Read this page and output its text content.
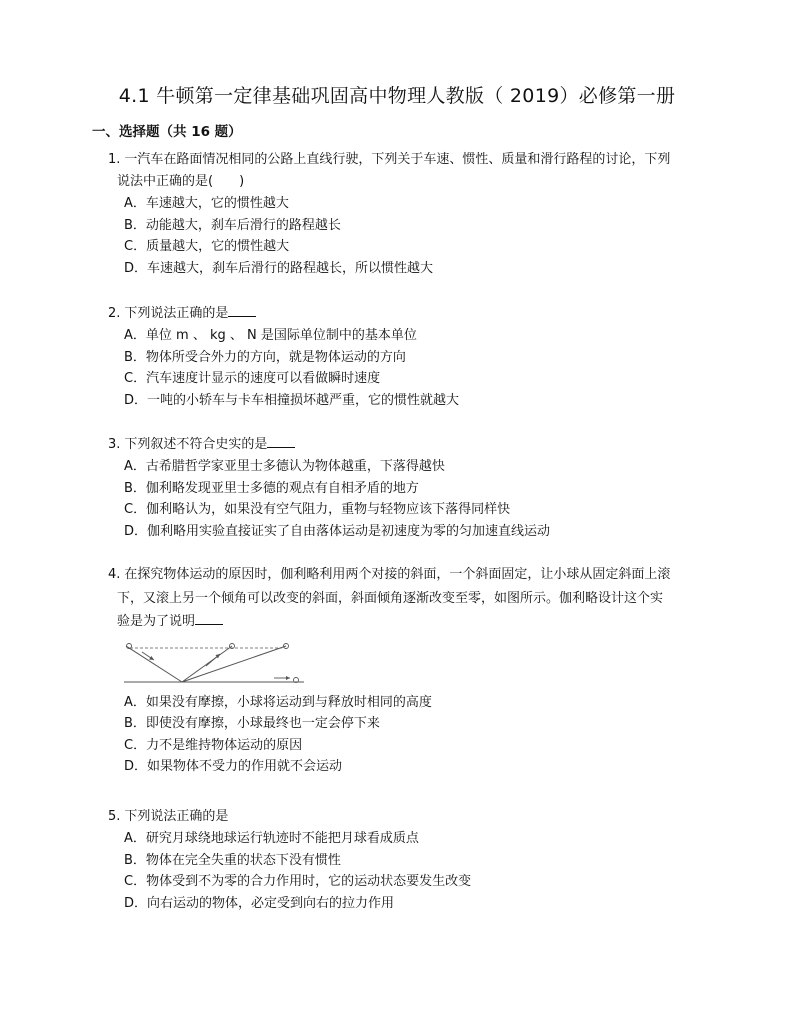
4.1 牛顿第一定律基础巩固高中物理人教版（ 2019）必修第一册
一、选择题（共 16 题）

1. 一汽车在路面情况相同的公路上直线行驶，下列关于车速、惯性、质量和滑行路程的讨论，下列
说法中正确的是(　　)

A．车速越大，它的惯性越大
B．动能越大，刹车后滑行的路程越长
C．质量越大，它的惯性越大
D．车速越大，刹车后滑行的路程越长，所以惯性越大

2. 下列说法正确的是

A．单位 m 、 kg 、 N 是国际单位制中的基本单位
B．物体所受合外力的方向，就是物体运动的方向
C．汽车速度计显示的速度可以看做瞬时速度
D．一吨的小轿车与卡车相撞损坏越严重，它的惯性就越大

3. 下列叙述不符合史实的是

A．古希腊哲学家亚里士多德认为物体越重，下落得越快
B．伽利略发现亚里士多德的观点有自相矛盾的地方
C．伽利略认为，如果没有空气阻力，重物与轻物应该下落得同样快
D．伽利略用实验直接证实了自由落体运动是初速度为零的匀加速直线运动

4. 在探究物体运动的原因时，伽利略利用两个对接的斜面，一个斜面固定，让小球从固定斜面上滚
下，又滚上另一个倾角可以改变的斜面，斜面倾角逐渐改变至零，如图所示。伽利略设计这个实
验是为了说明

A．如果没有摩擦，小球将运动到与释放时相同的高度
B．即使没有摩擦，小球最终也一定会停下来
C．力不是维持物体运动的原因
D．如果物体不受力的作用就不会运动

5. 下列说法正确的是

A．研究月球绕地球运行轨迹时不能把月球看成质点
B．物体在完全失重的状态下没有惯性
C．物体受到不为零的合力作用时，它的运动状态要发生改变
D．向右运动的物体，必定受到向右的拉力作用
